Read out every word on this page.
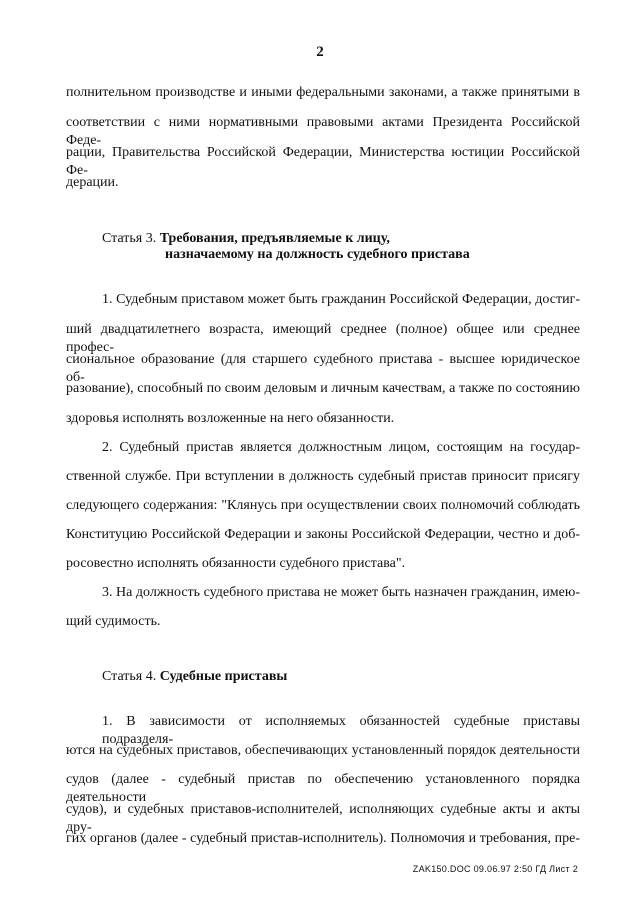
2
полнительном производстве и иными федеральными законами, а также принятыми в
соответствии с ними нормативными правовыми актами Президента Российской Феде-
рации, Правительства Российской Федерации, Министерства юстиции Российской Фе-
дерации.
Статья 3. Требования, предъявляемые к лицу,
назначаемому на должность судебного пристава
1. Судебным приставом может быть гражданин Российской Федерации, достиг-
ший двадцатилетнего возраста, имеющий среднее (полное) общее или среднее профес-
сиональное образование (для старшего судебного пристава - высшее юридическое об-
разование), способный по своим деловым и личным качествам, а также по состоянию
здоровья исполнять возложенные на него обязанности.
2. Судебный пристав является должностным лицом, состоящим на государ-
ственной службе. При вступлении в должность судебный пристав приносит присягу
следующего содержания: "Клянусь при осуществлении своих полномочий соблюдать
Конституцию Российской Федерации и законы Российской Федерации, честно и доб-
росовестно исполнять обязанности судебного пристава".
3. На должность судебного пристава не может быть назначен гражданин, имею-
щий судимость.
Статья 4. Судебные приставы
1. В зависимости от исполняемых обязанностей судебные приставы подразделя-
ются на судебных приставов, обеспечивающих установленный порядок деятельности
судов (далее - судебный пристав по обеспечению установленного порядка деятельности
судов), и судебных приставов-исполнителей, исполняющих судебные акты и акты дру-
гих органов (далее - судебный пристав-исполнитель). Полномочия и требования, пре-
ZAK150.DOC 09.06.97 2:50 ГД Лист 2
